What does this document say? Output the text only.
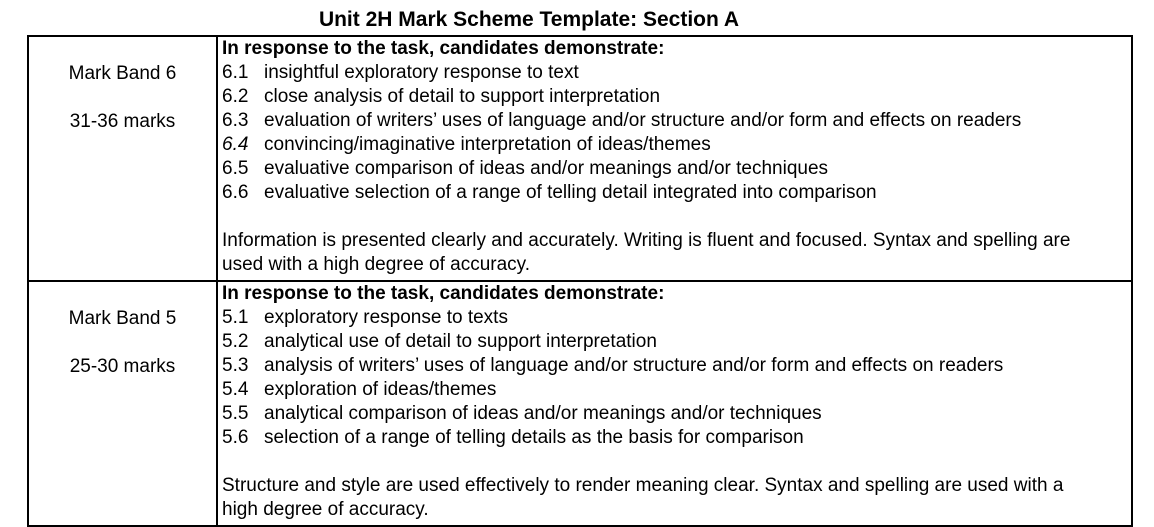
Unit 2H Mark Scheme Template: Section A
Mark Band 6
31-36 marks
In response to the task, candidates demonstrate:
6.1 insightful exploratory response to text
6.2 close analysis of detail to support interpretation
6.3 evaluation of writers’ uses of language and/or structure and/or form and effects on readers
6.4 convincing/imaginative interpretation of ideas/themes
6.5 evaluative comparison of ideas and/or meanings and/or techniques
6.6 evaluative selection of a range of telling detail integrated into comparison
Information is presented clearly and accurately. Writing is fluent and focused. Syntax and spelling are used with a high degree of accuracy.
Mark Band 5
25-30 marks
In response to the task, candidates demonstrate:
5.1 exploratory response to texts
5.2 analytical use of detail to support interpretation
5.3 analysis of writers’ uses of language and/or structure and/or form and effects on readers
5.4 exploration of ideas/themes
5.5 analytical comparison of ideas and/or meanings and/or techniques
5.6 selection of a range of telling details as the basis for comparison
Structure and style are used effectively to render meaning clear. Syntax and spelling are used with a high degree of accuracy.
